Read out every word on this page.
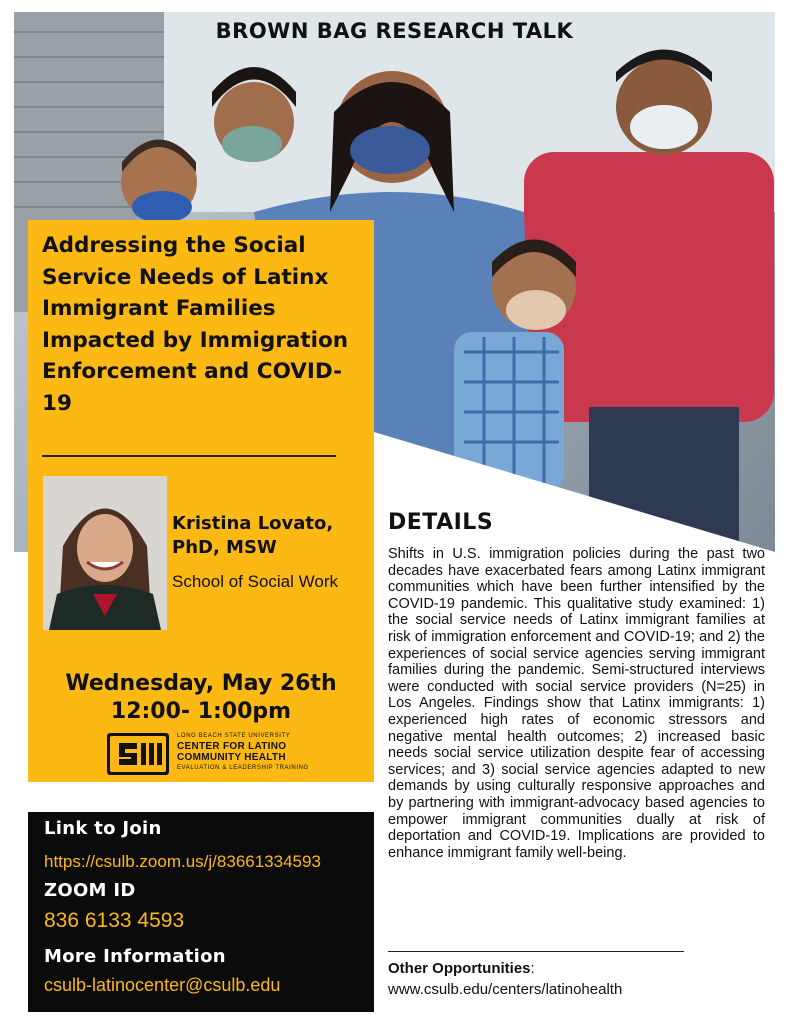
BROWN BAG RESEARCH TALK
Addressing the Social Service Needs of Latinx Immigrant Families Impacted by Immigration Enforcement and COVID-19
Kristina Lovato,
PhD, MSW
School of Social Work
Wednesday, May 26th
12:00- 1:00pm
LONG BEACH STATE UNIVERSITY
CENTER FOR LATINO
COMMUNITY HEALTH
EVALUATION & LEADERSHIP TRAINING
Link to Join
https://csulb.zoom.us/j/83661334593
ZOOM ID
836 6133 4593
More Information
csulb-latinocenter@csulb.edu
DETAILS
Shifts in U.S. immigration policies during the past two decades have exacerbated fears among Latinx immigrant communities which have been further intensified by the COVID-19 pandemic. This qualitative study examined: 1) the social service needs of Latinx immigrant families at risk of immigration enforcement and COVID-19; and 2) the experiences of social service agencies serving immigrant families during the pandemic. Semi-structured interviews were conducted with social service providers (N=25) in Los Angeles. Findings show that Latinx immigrants: 1) experienced high rates of economic stressors and negative mental health outcomes; 2) increased basic needs social service utilization despite fear of accessing services; and 3) social service agencies adapted to new demands by using culturally responsive approaches and by partnering with immigrant-advocacy based agencies to empower immigrant communities dually at risk of deportation and COVID-19. Implications are provided to enhance immigrant family well-being.
Other Opportunities:
www.csulb.edu/centers/latinohealth
